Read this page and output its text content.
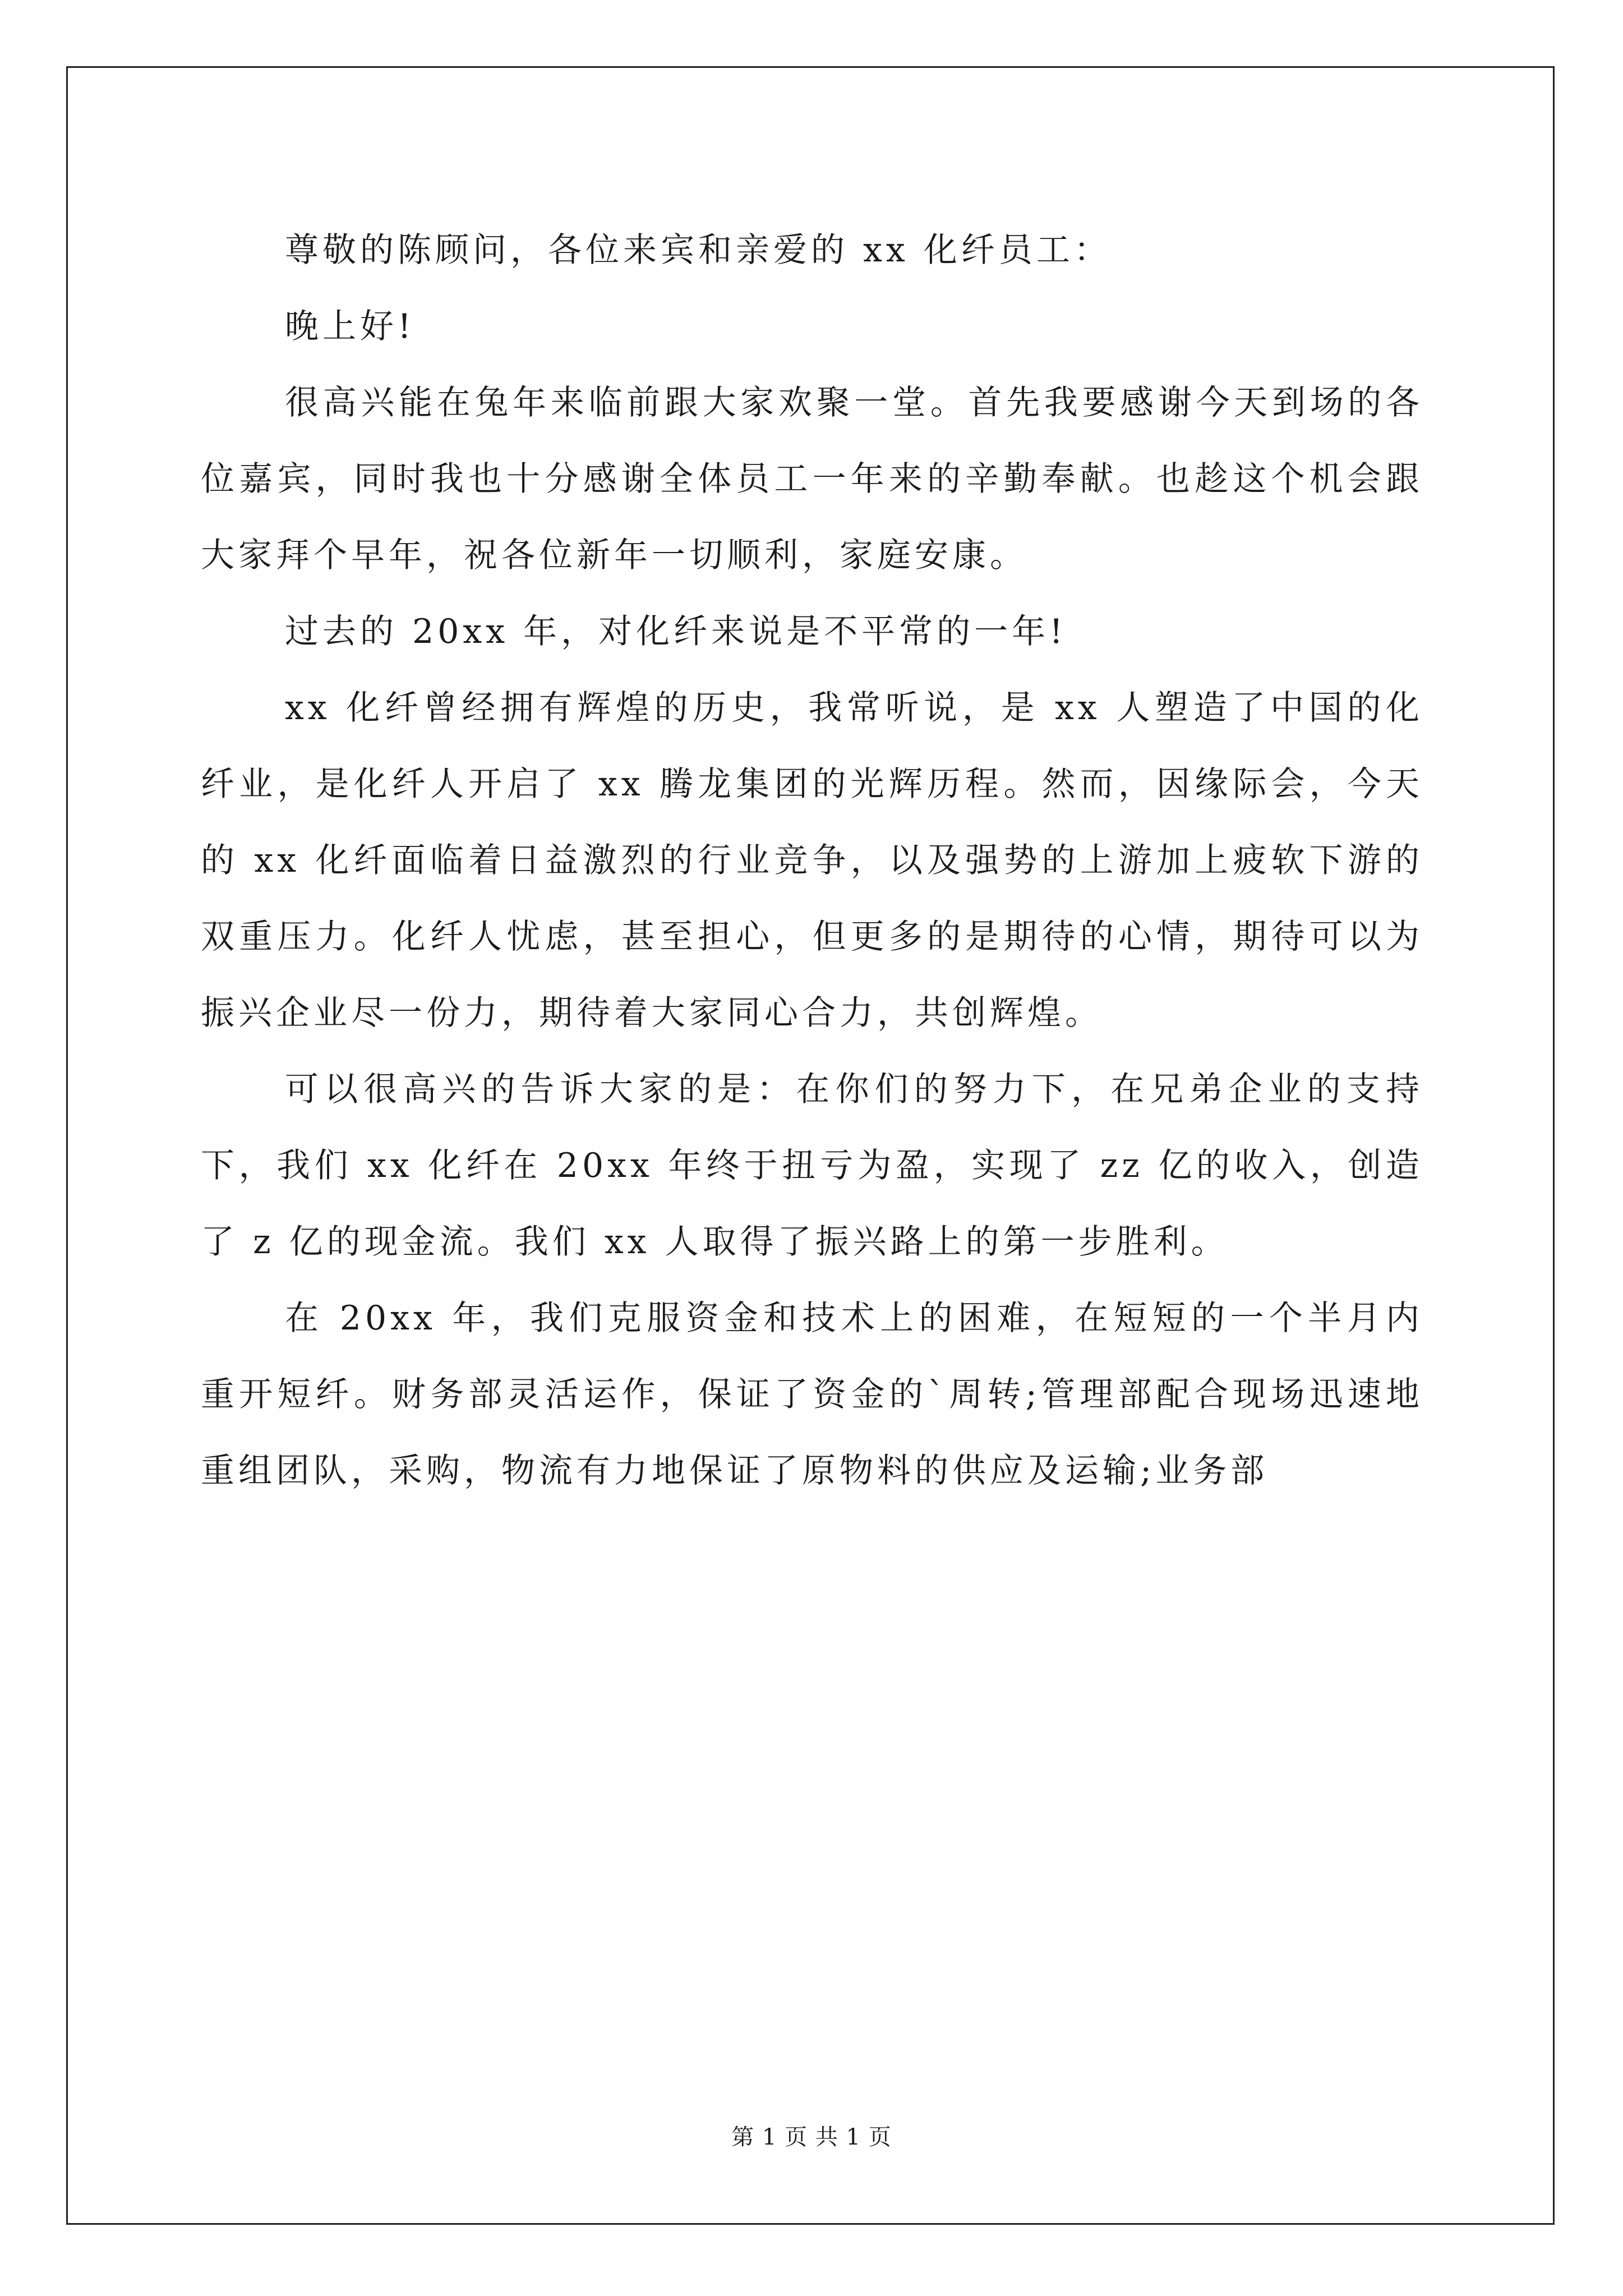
尊敬的陈顾问，各位来宾和亲爱的 xx 化纤员工：

晚上好!

很高兴能在兔年来临前跟大家欢聚一堂。首先我要感谢今天到场的各位嘉宾，同时我也十分感谢全体员工一年来的辛勤奉献。也趁这个机会跟大家拜个早年，祝各位新年一切顺利，家庭安康。

过去的 20xx 年，对化纤来说是不平常的一年!

xx 化纤曾经拥有辉煌的历史，我常听说，是 xx 人塑造了中国的化纤业，是化纤人开启了 xx 腾龙集团的光辉历程。然而，因缘际会，今天的 xx 化纤面临着日益激烈的行业竞争，以及强势的上游加上疲软下游的双重压力。化纤人忧虑，甚至担心，但更多的是期待的心情，期待可以为振兴企业尽一份力，期待着大家同心合力，共创辉煌。

可以很高兴的告诉大家的是：在你们的努力下，在兄弟企业的支持下，我们 xx 化纤在 20xx 年终于扭亏为盈，实现了 zz 亿的收入，创造了 z 亿的现金流。我们 xx 人取得了振兴路上的第一步胜利。

在 20xx 年，我们克服资金和技术上的困难，在短短的一个半月内重开短纤。财务部灵活运作，保证了资金的`周转;管理部配合现场迅速地重组团队，采购，物流有力地保证了原物料的供应及运输;业务部

第 1 页 共 1 页
